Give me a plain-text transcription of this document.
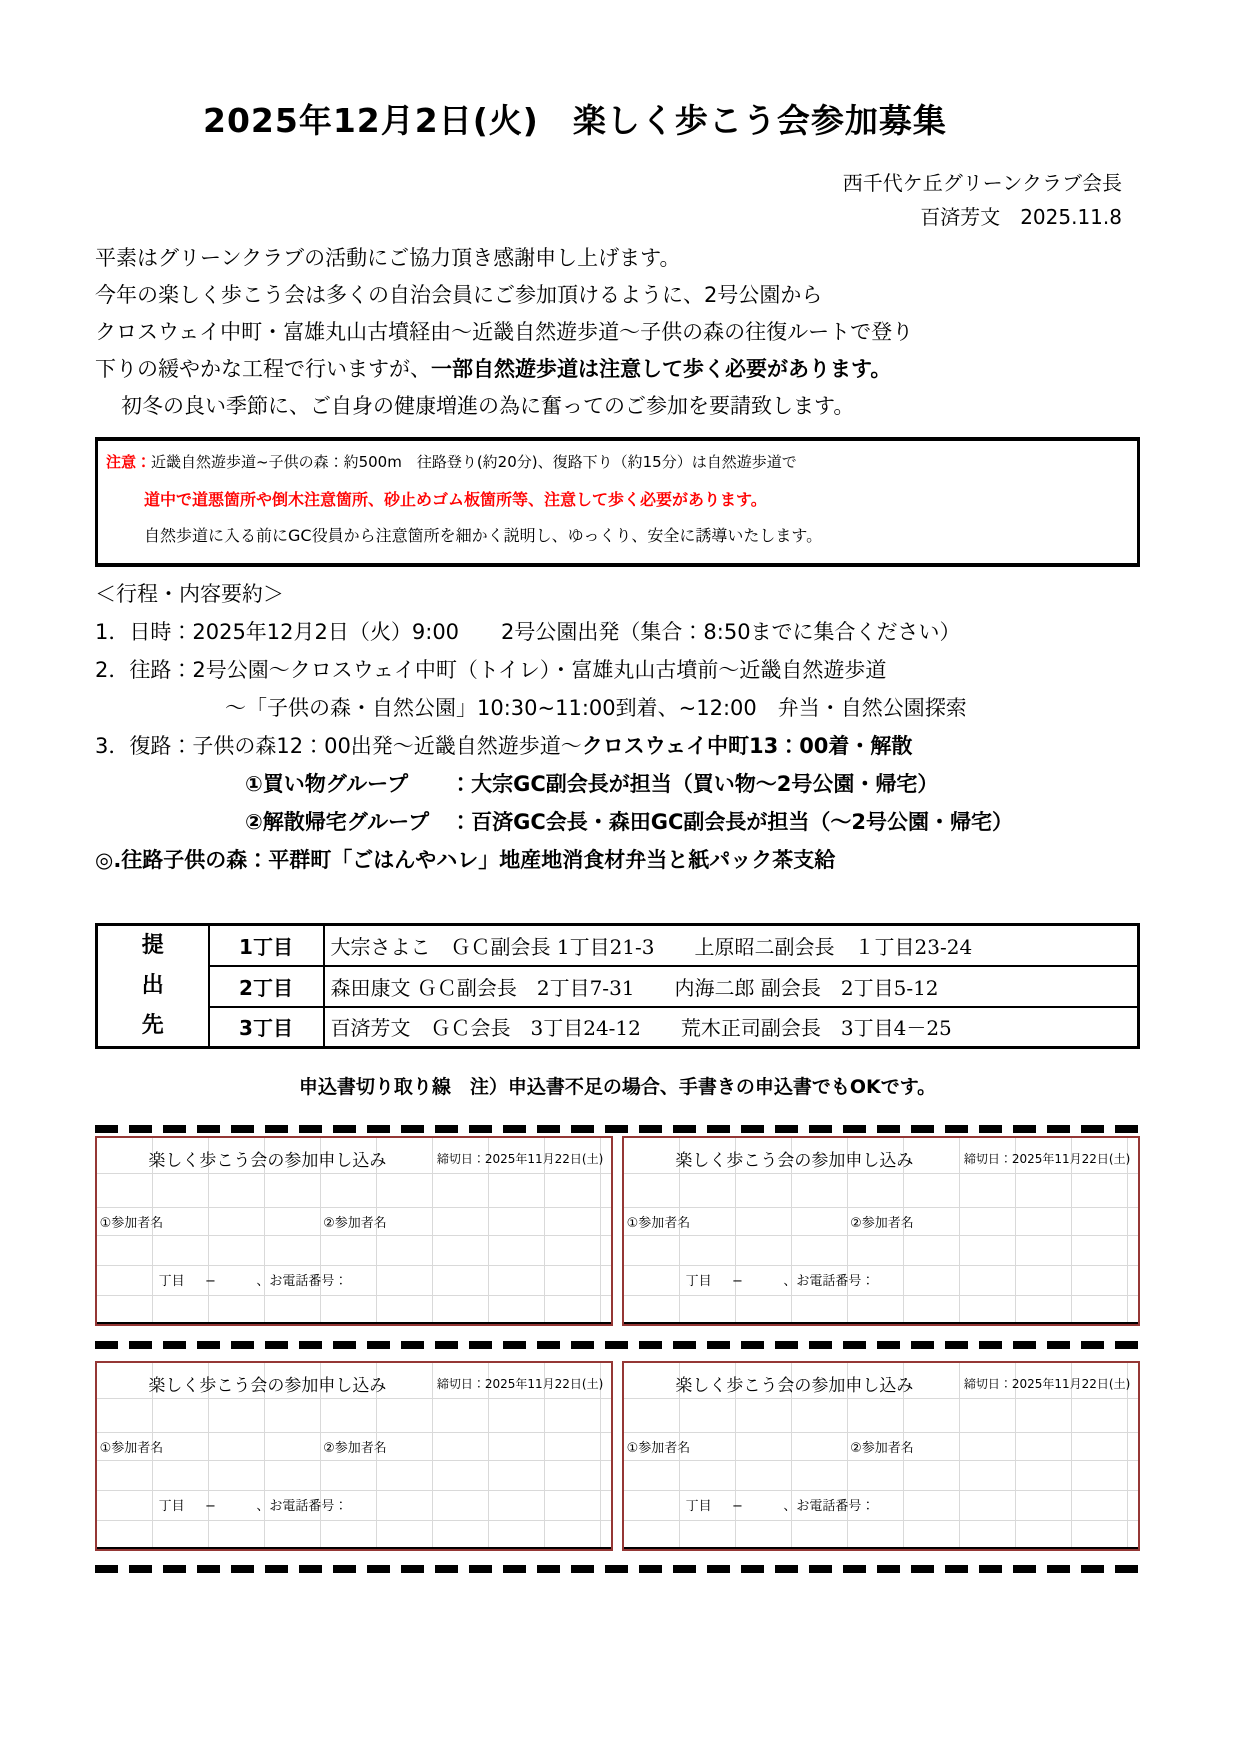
2025年12月2日(火)　楽しく歩こう会参加募集
西千代ケ丘グリーンクラブ会長
百済芳文　2025.11.8

平素はグリーンクラブの活動にご協力頂き感謝申し上げます。

今年の楽しく歩こう会は多くの自治会員にご参加頂けるように、2号公園から

クロスウェイ中町・富雄丸山古墳経由～近畿自然遊歩道～子供の森の往復ルートで登り

下りの緩やかな工程で行いますが、一部自然遊歩道は注意して歩く必要があります。

初冬の良い季節に、ご自身の健康増進の為に奮ってのご参加を要請致します。

注意：近畿自然遊歩道~子供の森：約500m　往路登り(約20分)、復路下り（約15分）は自然遊歩道で

道中で道悪箇所や倒木注意箇所、砂止めゴム板箇所等、注意して歩く必要があります。

自然歩道に入る前にGC役員から注意箇所を細かく説明し、ゆっくり、安全に誘導いたします。

＜行程・内容要約＞

1．日時：2025年12月2日（火）9:00　　2号公園出発（集合：8:50までに集合ください）

2．往路：2号公園～クロスウェイ中町（トイレ）・富雄丸山古墳前～近畿自然遊歩道

～「子供の森・自然公園」10:30~11:00到着、~12:00　弁当・自然公園探索

3．復路：子供の森12：00出発～近畿自然遊歩道～クロスウェイ中町13：00着・解散

①買い物グループ　　：大宗GC副会長が担当（買い物～2号公園・帰宅）

②解散帰宅グループ　：百済GC会長・森田GC副会長が担当（～2号公園・帰宅）

◎.往路子供の森：平群町「ごはんやハレ」地産地消食材弁当と紙パック茶支給

提
出
先	1丁目	大宗さよこ　ＧＣ副会長 1丁目21-3　　上原昭二副会長　１丁目23-24
	2丁目	森田康文 ＧＣ副会長　2丁目7-31　　内海二郎 副会長　2丁目5-12
	3丁目	百済芳文　ＧＣ会長　3丁目24-12　　荒木正司副会長　3丁目4－25
申込書切り取り線　注）申込書不足の場合、手書きの申込書でもOKです。
楽しく歩こう会の参加申し込み	締切日：2025年11月22日(土)
①参加者名	②参加者名
丁目 −	、お電話番号：
楽しく歩こう会の参加申し込み	締切日：2025年11月22日(土)
①参加者名	②参加者名
丁目 −	、お電話番号：
楽しく歩こう会の参加申し込み	締切日：2025年11月22日(土)
①参加者名	②参加者名
丁目 −	、お電話番号：
楽しく歩こう会の参加申し込み	締切日：2025年11月22日(土)
①参加者名	②参加者名
丁目 −	、お電話番号：
